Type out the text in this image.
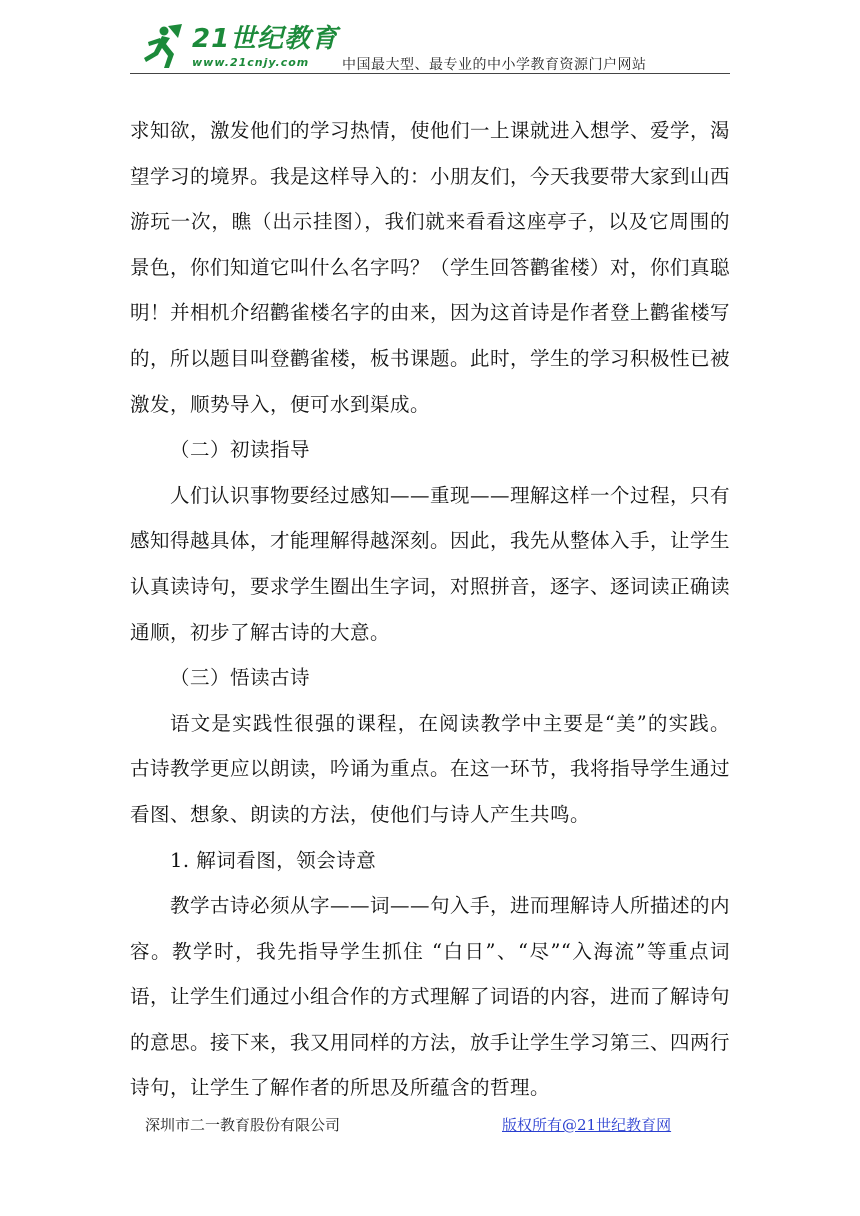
21世纪教育
www.21cnjy.com 中国最大型、最专业的中小学教育资源门户网站

求知欲，激发他们的学习热情，使他们一上课就进入想学、爱学，渴望学习的境界。我是这样导入的：小朋友们，今天我要带大家到山西游玩一次，瞧（出示挂图），我们就来看看这座亭子，以及它周围的景色，你们知道它叫什么名字吗？（学生回答鹳雀楼）对，你们真聪明！并相机介绍鹳雀楼名字的由来，因为这首诗是作者登上鹳雀楼写的，所以题目叫登鹳雀楼，板书课题。此时，学生的学习积极性已被激发，顺势导入，便可水到渠成。

（二）初读指导

人们认识事物要经过感知——重现——理解这样一个过程，只有感知得越具体，才能理解得越深刻。因此，我先从整体入手，让学生认真读诗句，要求学生圈出生字词，对照拼音，逐字、逐词读正确读通顺，初步了解古诗的大意。

（三）悟读古诗

语文是实践性很强的课程，在阅读教学中主要是“美”的实践。古诗教学更应以朗读，吟诵为重点。在这一环节，我将指导学生通过看图、想象、朗读的方法，使他们与诗人产生共鸣。

1. 解词看图，领会诗意

教学古诗必须从字——词——句入手，进而理解诗人所描述的内容。教学时，我先指导学生抓住 “白日”、“尽”“入海流”等重点词语，让学生们通过小组合作的方式理解了词语的内容，进而了解诗句的意思。接下来，我又用同样的方法，放手让学生学习第三、四两行诗句，让学生了解作者的所思及所蕴含的哲理。

深圳市二一教育股份有限公司	版权所有@21世纪教育网
